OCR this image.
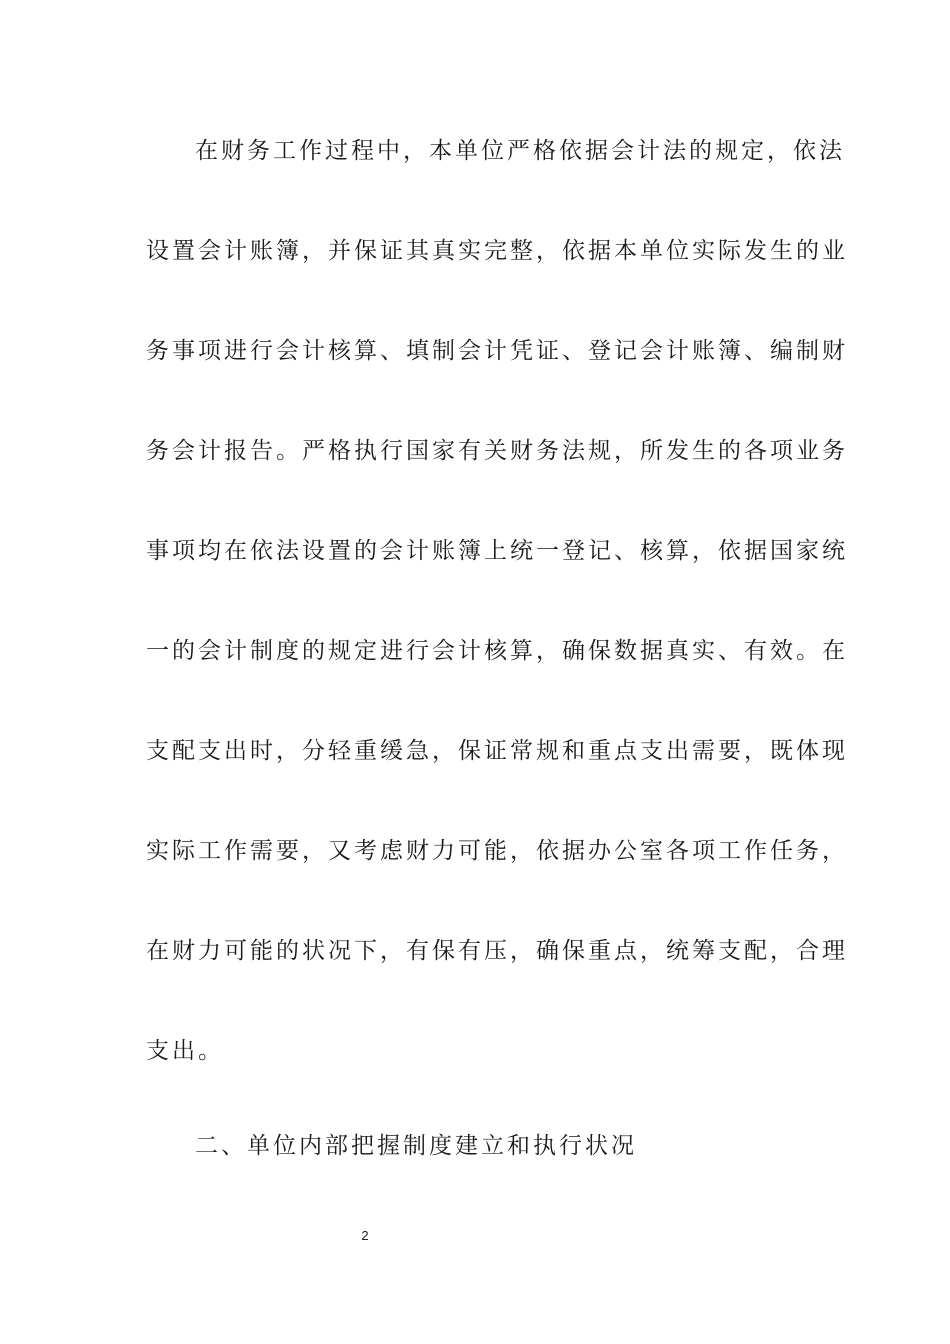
在财务工作过程中，本单位严格依据会计法的规定，依法
设置会计账簿，并保证其真实完整，依据本单位实际发生的业
务事项进行会计核算、填制会计凭证、登记会计账簿、编制财
务会计报告。严格执行国家有关财务法规，所发生的各项业务
事项均在依法设置的会计账簿上统一登记、核算，依据国家统
一的会计制度的规定进行会计核算，确保数据真实、有效。在
支配支出时，分轻重缓急，保证常规和重点支出需要，既体现
实际工作需要，又考虑财力可能，依据办公室各项工作任务，
在财力可能的状况下，有保有压，确保重点，统筹支配，合理
支出。
二、单位内部把握制度建立和执行状况
2
